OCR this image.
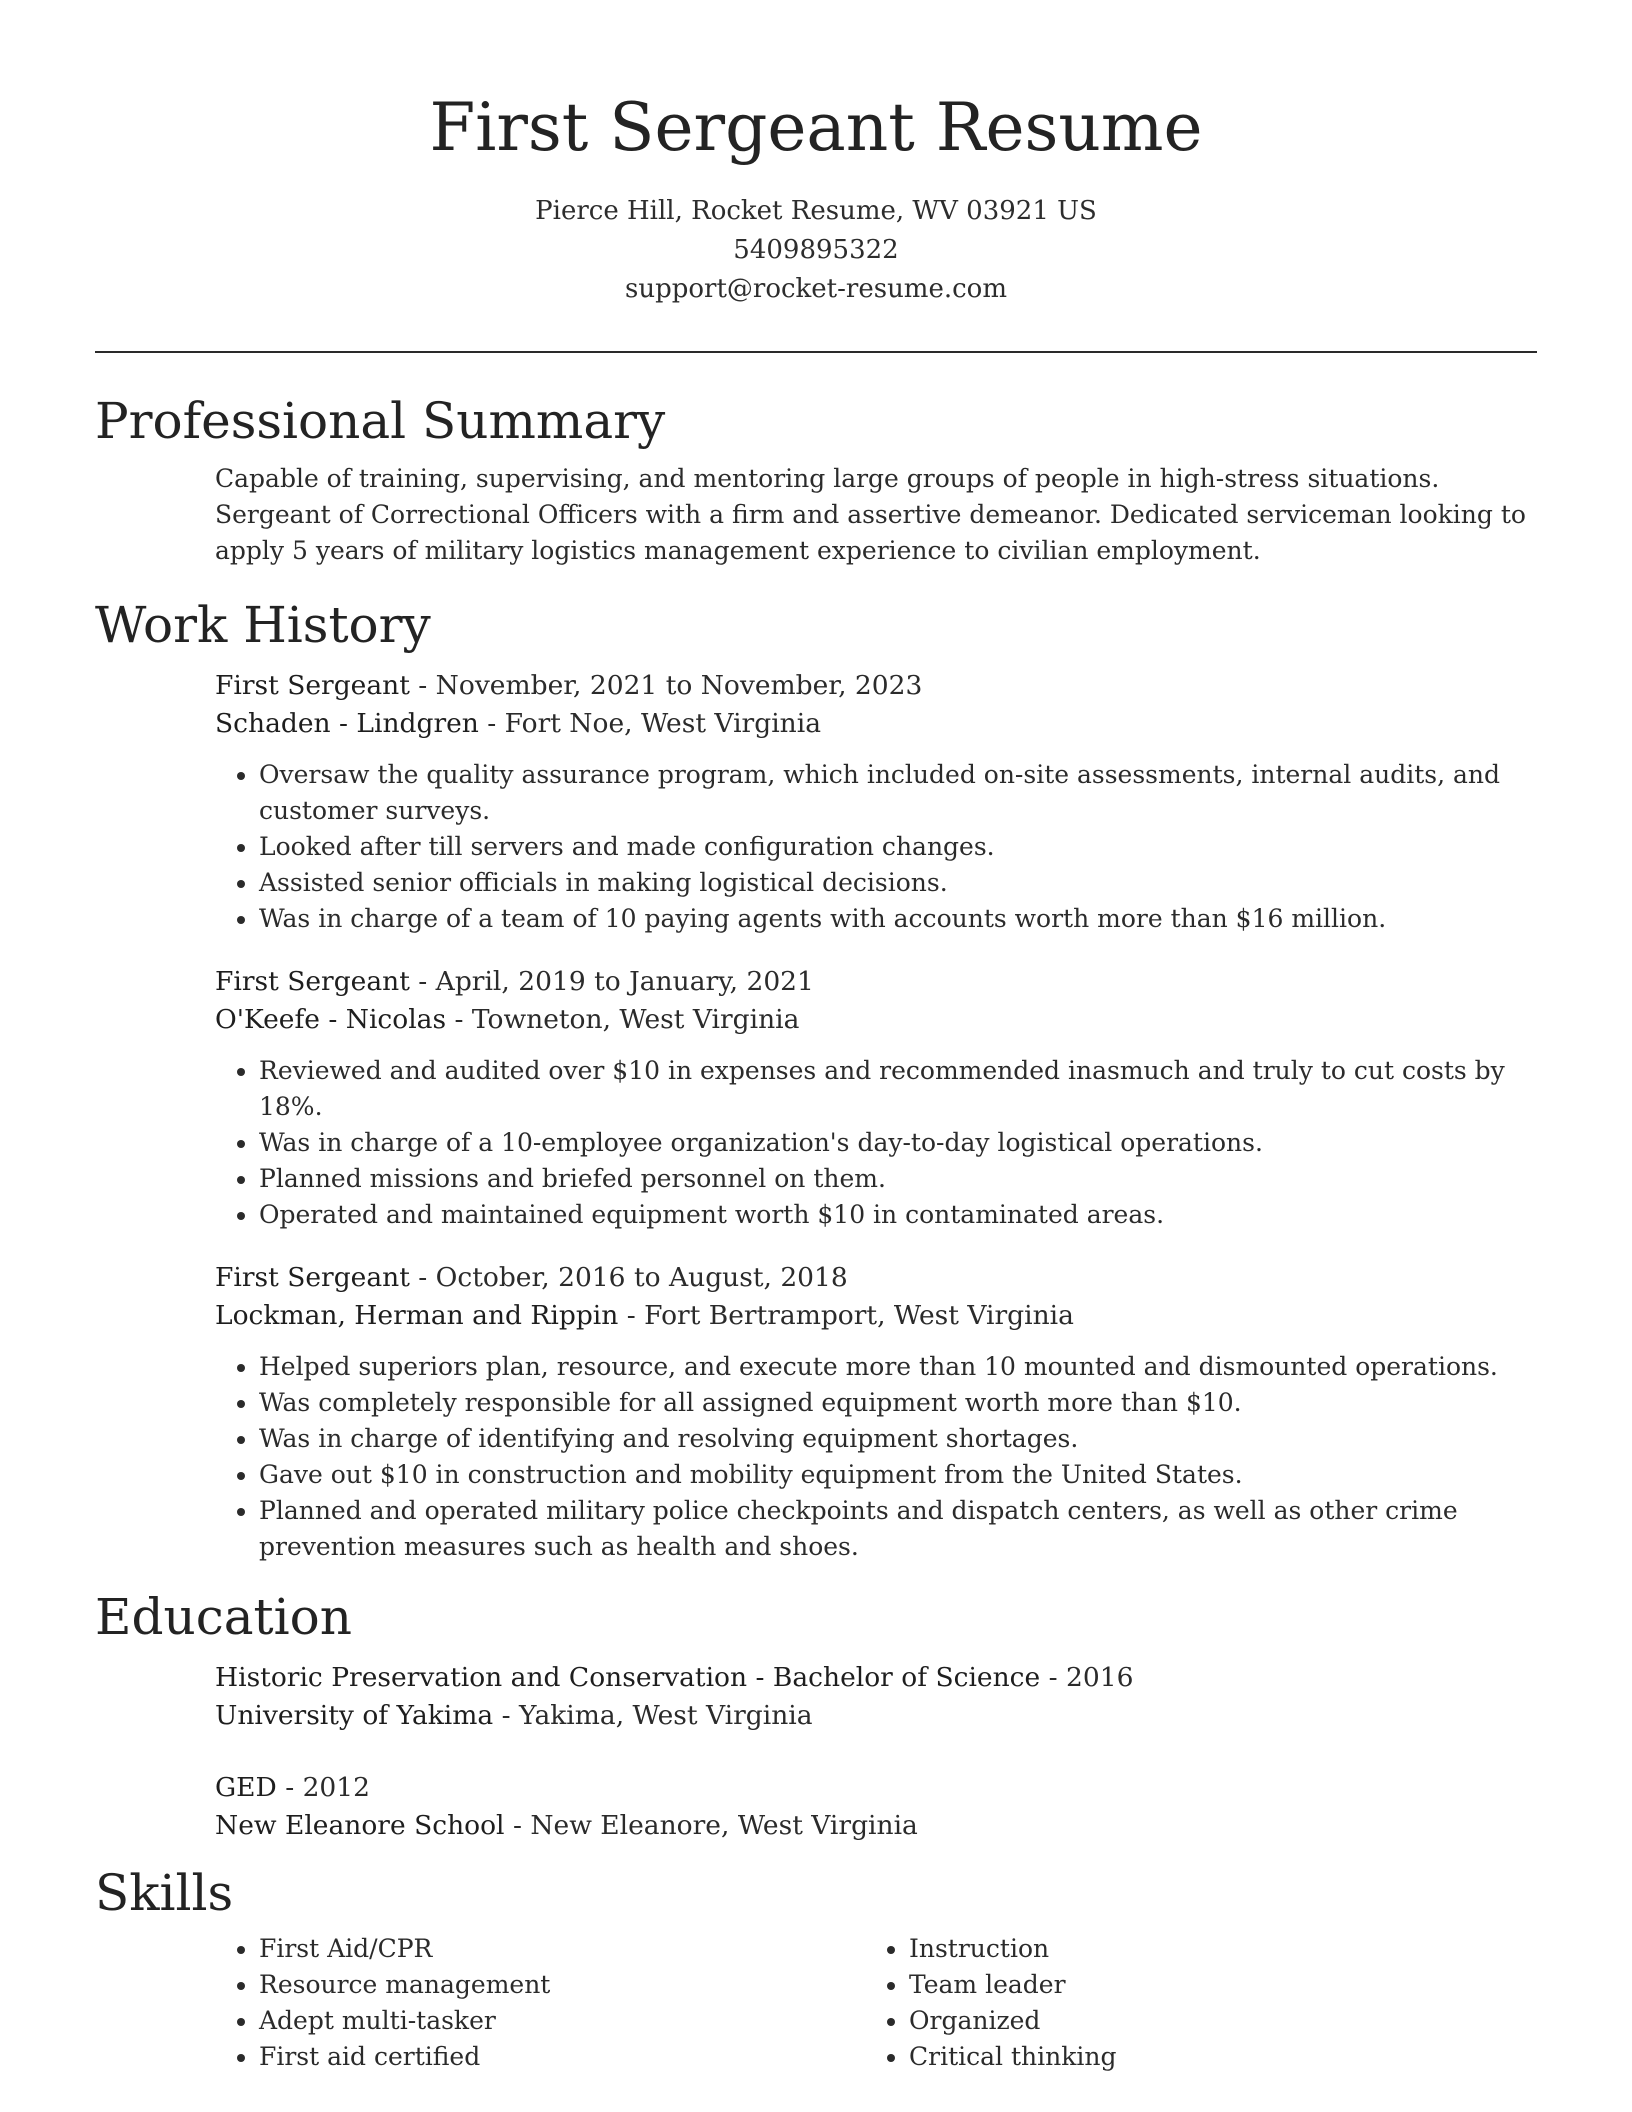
First Sergeant Resume
Pierce Hill, Rocket Resume, WV 03921 US
5409895322
support@rocket-resume.com
Professional Summary

Capable of training, supervising, and mentoring large groups of people in high-stress situations. Sergeant of Correctional Officers with a firm and assertive demeanor. Dedicated serviceman looking to apply 5 years of military logistics management experience to civilian employment.

Work History
First Sergeant - November, 2021 to November, 2023
Schaden - Lindgren - Fort Noe, West Virginia
• Oversaw the quality assurance program, which included on-site assessments, internal audits, and customer surveys.
• Looked after till servers and made configuration changes.
• Assisted senior officials in making logistical decisions.
• Was in charge of a team of 10 paying agents with accounts worth more than $16 million.
First Sergeant - April, 2019 to January, 2021
O'Keefe - Nicolas - Towneton, West Virginia
• Reviewed and audited over $10 in expenses and recommended inasmuch and truly to cut costs by 18%.
• Was in charge of a 10-employee organization's day-to-day logistical operations.
• Planned missions and briefed personnel on them.
• Operated and maintained equipment worth $10 in contaminated areas.
First Sergeant - October, 2016 to August, 2018
Lockman, Herman and Rippin - Fort Bertramport, West Virginia
• Helped superiors plan, resource, and execute more than 10 mounted and dismounted operations.
• Was completely responsible for all assigned equipment worth more than $10.
• Was in charge of identifying and resolving equipment shortages.
• Gave out $10 in construction and mobility equipment from the United States.
• Planned and operated military police checkpoints and dispatch centers, as well as other crime prevention measures such as health and shoes.
Education
Historic Preservation and Conservation - Bachelor of Science - 2016
University of Yakima - Yakima, West Virginia
GED - 2012
New Eleanore School - New Eleanore, West Virginia
Skills
• First Aid/CPR
• Resource management
• Adept multi-tasker
• First aid certified
• Instruction
• Team leader
• Organized
• Critical thinking
